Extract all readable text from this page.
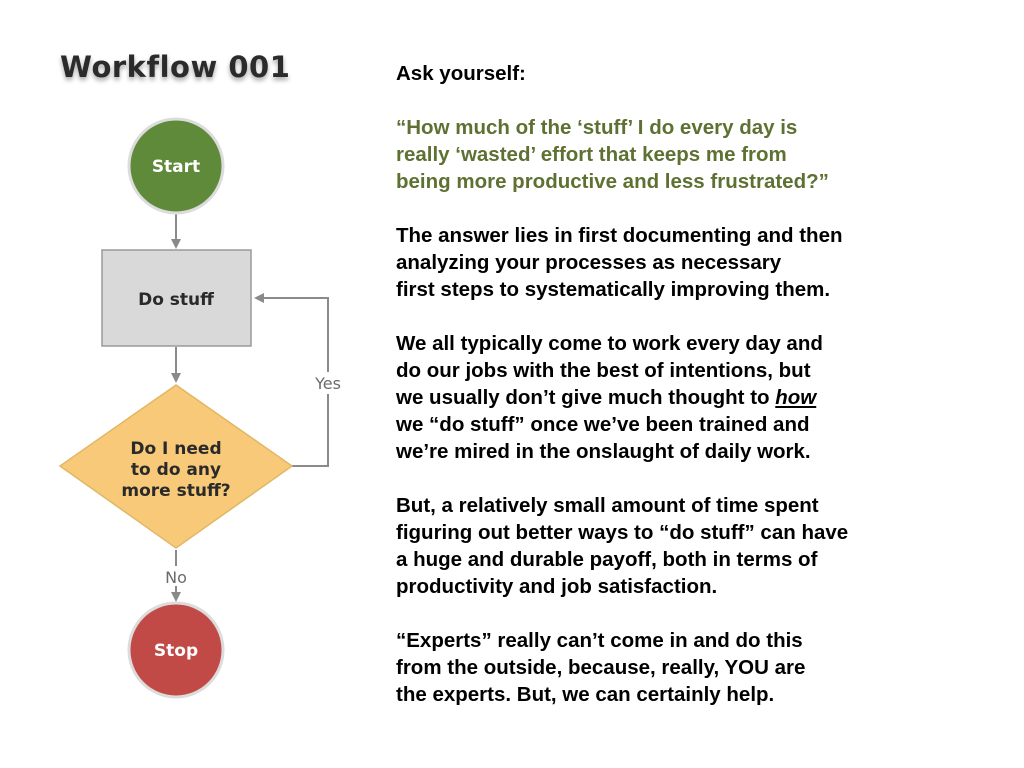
Workflow 001
Start
Do stuff
Do I need
to do any
more stuff?
Yes
No
Stop

Ask yourself:

“How much of the ‘stuff’ I do every day is
really ‘wasted’ effort that keeps me from
being more productive and less frustrated?”

The answer lies in first documenting and then
analyzing your processes as necessary
first steps to systematically improving them.

We all typically come to work every day and
do our jobs with the best of intentions, but
we usually don’t give much thought to how
we “do stuff” once we’ve been trained and
we’re mired in the onslaught of daily work.

But, a relatively small amount of time spent
figuring out better ways to “do stuff” can have
a huge and durable payoff, both in terms of
productivity and job satisfaction.

“Experts” really can’t come in and do this
from the outside, because, really, YOU are
the experts. But, we can certainly help.
